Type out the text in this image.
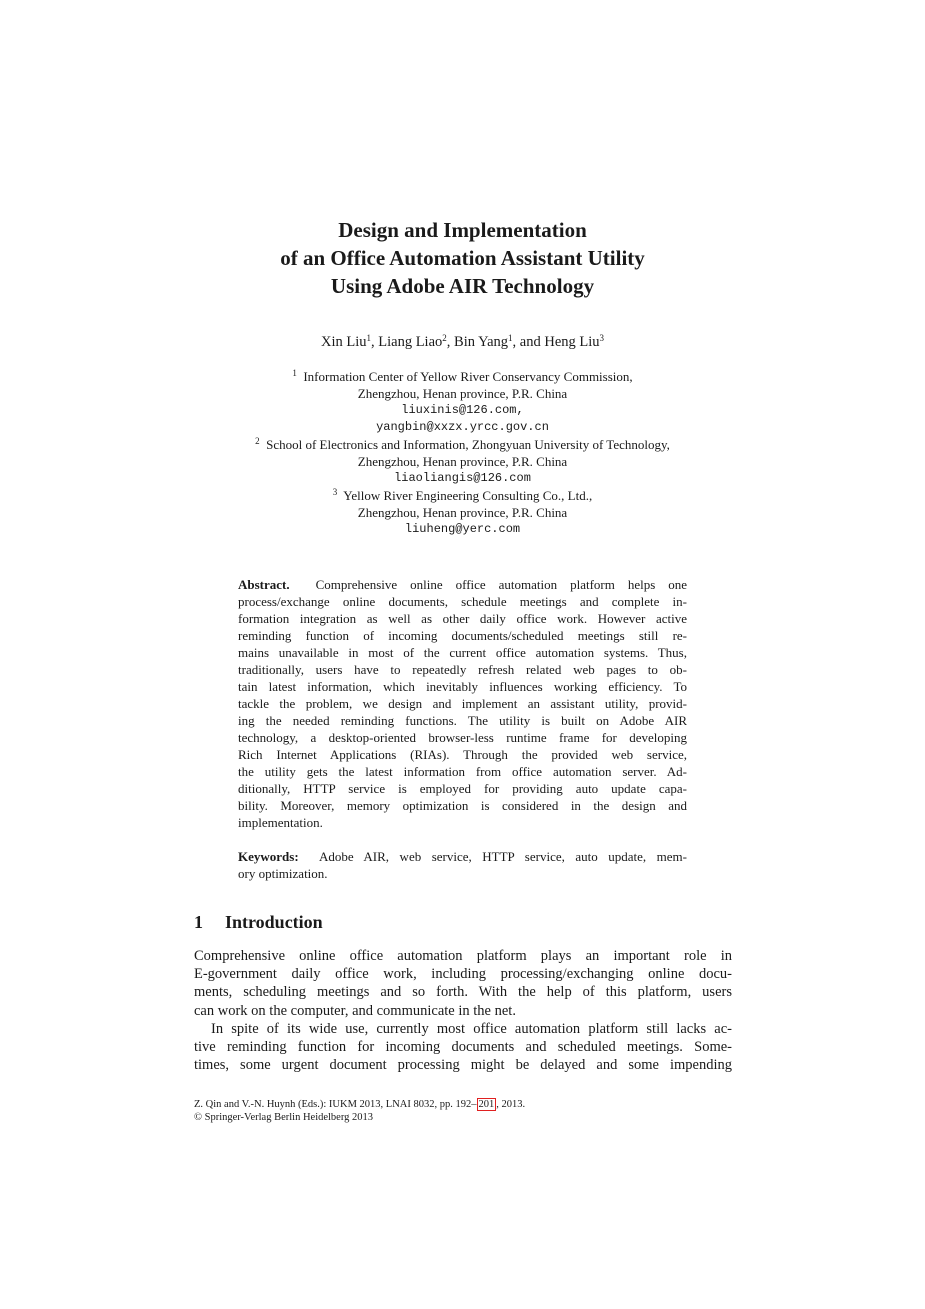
Design and Implementation
of an Office Automation Assistant Utility
Using Adobe AIR Technology
Xin Liu$^1$, Liang Liao$^2$, Bin Yang$^1$, and Heng Liu$^3$
$^1$ Information Center of Yellow River Conservancy Commission,
Zhengzhou, Henan province, P.R. China
liuxinis@126.com,
yangbin@xxzx.yrcc.gov.cn
$^2$ School of Electronics and Information, Zhongyuan University of Technology,
Zhengzhou, Henan province, P.R. China
liaoliangis@126.com
$^3$ Yellow River Engineering Consulting Co., Ltd.,
Zhengzhou, Henan province, P.R. China
liuheng@yerc.com
Abstract. Comprehensive online office automation platform helps one
process/exchange online documents, schedule meetings and complete in-
formation integration as well as other daily office work. However active
reminding function of incoming documents/scheduled meetings still re-
mains unavailable in most of the current office automation systems. Thus,
traditionally, users have to repeatedly refresh related web pages to ob-
tain latest information, which inevitably influences working efficiency. To
tackle the problem, we design and implement an assistant utility, provid-
ing the needed reminding functions. The utility is built on Adobe AIR
technology, a desktop-oriented browser-less runtime frame for developing
Rich Internet Applications (RIAs). Through the provided web service,
the utility gets the latest information from office automation server. Ad-
ditionally, HTTP service is employed for providing auto update capa-
bility. Moreover, memory optimization is considered in the design and
implementation.
Keywords: Adobe AIR, web service, HTTP service, auto update, mem-
ory optimization.
1 Introduction
Comprehensive online office automation platform plays an important role in
E-government daily office work, including processing/exchanging online docu-
ments, scheduling meetings and so forth. With the help of this platform, users
can work on the computer, and communicate in the net.
In spite of its wide use, currently most office automation platform still lacks ac-
tive reminding function for incoming documents and scheduled meetings. Some-
times, some urgent document processing might be delayed and some impending
Z. Qin and V.-N. Huynh (Eds.): IUKM 2013, LNAI 8032, pp. 192– 201 , 2013.
© Springer-Verlag Berlin Heidelberg 2013
